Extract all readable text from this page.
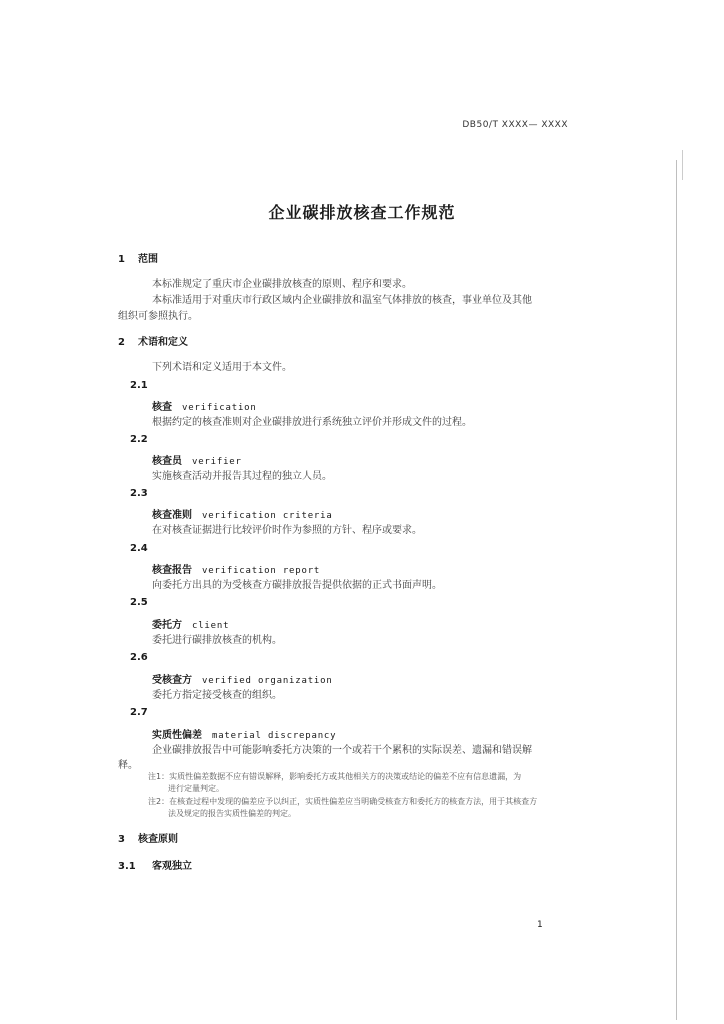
DB50/T XXXX— XXXX
企业碳排放核查工作规范
1 范围
本标准规定了重庆市企业碳排放核查的原则、程序和要求。
本标准适用于对重庆市行政区域内企业碳排放和温室气体排放的核查，事业单位及其他
组织可参照执行。
2 术语和定义
下列术语和定义适用于本文件。
2.1
核查 verification
根据约定的核查准则对企业碳排放进行系统独立评价并形成文件的过程。
2.2
核查员 verifier
实施核查活动并报告其过程的独立人员。
2.3
核查准则 verification criteria
在对核查证据进行比较评价时作为参照的方针、程序或要求。
2.4
核查报告 verification report
向委托方出具的为受核查方碳排放报告提供依据的正式书面声明。
2.5
委托方 client
委托进行碳排放核查的机构。
2.6
受核查方 verified organization
委托方指定接受核查的组织。
2.7
实质性偏差 material discrepancy
企业碳排放报告中可能影响委托方决策的一个或若干个累积的实际误差、遗漏和错误解
释。
注1：实质性偏差数据不应有错误解释，影响委托方或其他相关方的决策或结论的偏差不应有信息遗漏，为
进行定量判定。
注2：在核查过程中发现的偏差应予以纠正，实质性偏差应当明确受核查方和委托方的核查方法，用于其核查方
法及规定的报告实质性偏差的判定。
3 核查原则
3.1 客观独立
1
